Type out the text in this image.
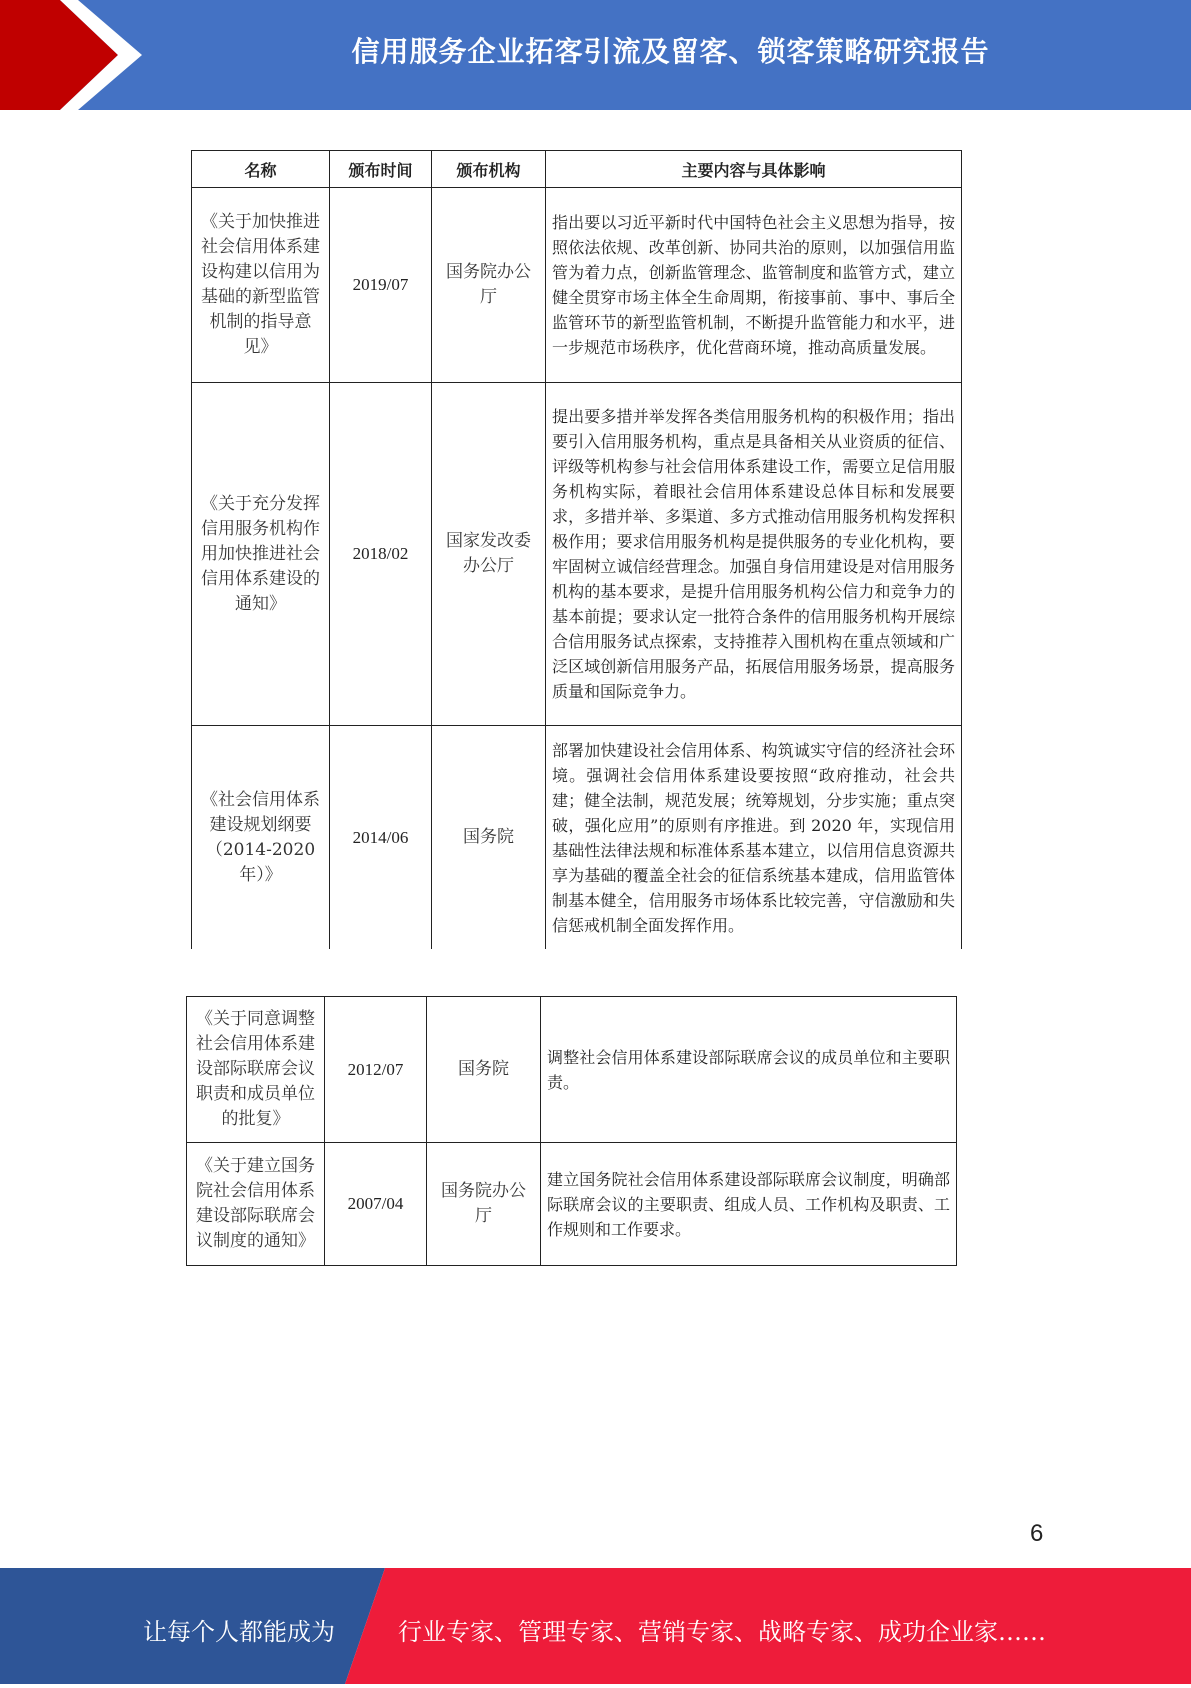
信用服务企业拓客引流及留客、锁客策略研究报告
名称	颁布时间	颁布机构	主要内容与具体影响
《关于加快推进社会信用体系建设构建以信用为基础的新型监管机制的指导意见》	2019/07	国务院办公厅	指出要以习近平新时代中国特色社会主义思想为指导，按照依法依规、改革创新、协同共治的原则，以加强信用监管为着力点，创新监管理念、监管制度和监管方式，建立健全贯穿市场主体全生命周期，衔接事前、事中、事后全监管环节的新型监管机制，不断提升监管能力和水平，进一步规范市场秩序，优化营商环境，推动高质量发展。
《关于充分发挥信用服务机构作用加快推进社会信用体系建设的通知》	2018/02	国家发改委办公厅	提出要多措并举发挥各类信用服务机构的积极作用；指出要引入信用服务机构，重点是具备相关从业资质的征信、评级等机构参与社会信用体系建设工作，需要立足信用服务机构实际，着眼社会信用体系建设总体目标和发展要求，多措并举、多渠道、多方式推动信用服务机构发挥积极作用；要求信用服务机构是提供服务的专业化机构，要牢固树立诚信经营理念。加强自身信用建设是对信用服务机构的基本要求，是提升信用服务机构公信力和竞争力的基本前提；要求认定一批符合条件的信用服务机构开展综合信用服务试点探索，支持推荐入围机构在重点领域和广泛区域创新信用服务产品，拓展信用服务场景，提高服务质量和国际竞争力。
《社会信用体系建设规划纲要（2014-2020年）》	2014/06	国务院	部署加快建设社会信用体系、构筑诚实守信的经济社会环境。强调社会信用体系建设要按照“政府推动，社会共建；健全法制，规范发展；统筹规划，分步实施；重点突破，强化应用”的原则有序推进。到 2020 年，实现信用基础性法律法规和标准体系基本建立，以信用信息资源共享为基础的覆盖全社会的征信系统基本建成，信用监管体制基本健全，信用服务市场体系比较完善，守信激励和失信惩戒机制全面发挥作用。
《关于同意调整社会信用体系建设部际联席会议职责和成员单位的批复》	2012/07	国务院	调整社会信用体系建设部际联席会议的成员单位和主要职责。
《关于建立国务院社会信用体系建设部际联席会议制度的通知》	2007/04	国务院办公厅	建立国务院社会信用体系建设部际联席会议制度，明确部际联席会议的主要职责、组成人员、工作机构及职责、工作规则和工作要求。
6
让每个人都能成为	行业专家、管理专家、营销专家、战略专家、成功企业家……
